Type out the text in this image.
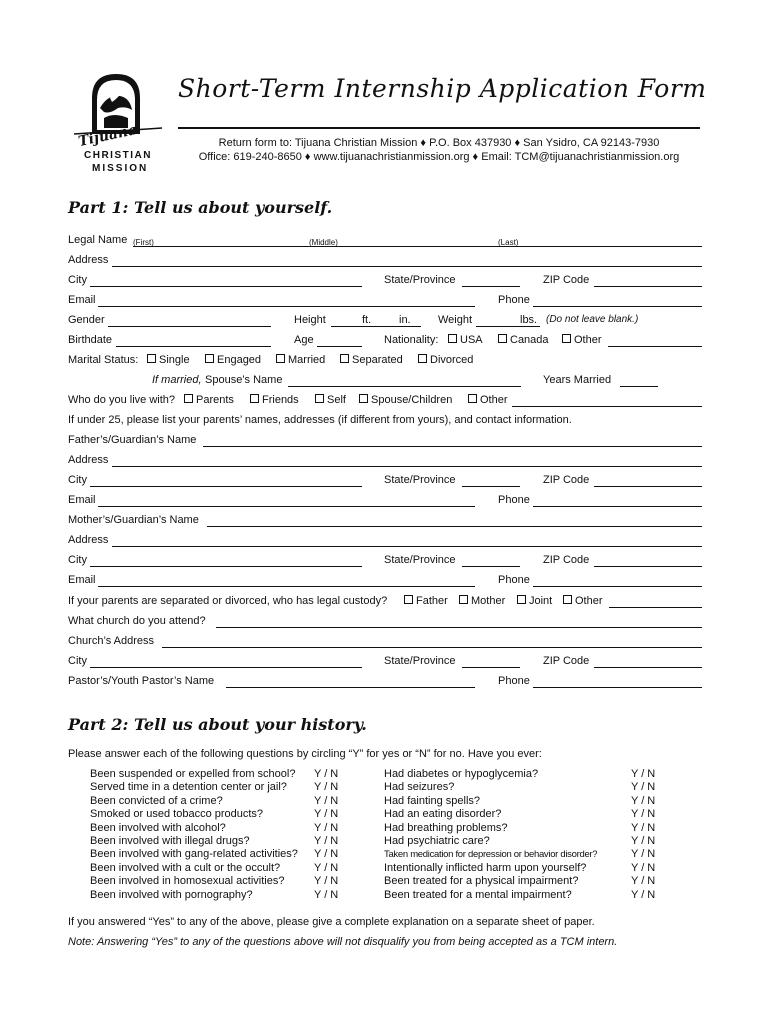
Tijuana
CHRISTIAN
MISSION
Short-Term Internship Application Form
Return form to: Tijuana Christian Mission ♦ P.O. Box 437930 ♦ San Ysidro, CA 92143-7930
Office: 619-240-8650 ♦ www.tijuanachristianmission.org ♦ Email: TCM@tijuanachristianmission.org
Part 1: Tell us about yourself.
Legal Name (First)	(Middle)	(Last)
Address
City	State/Province	ZIP Code
Email	Phone
Gender	Height	ft.	in. Weight	lbs. (Do not leave blank.)
Birthdate	Age	Nationality:	USA	Canada	Other
Marital Status:	Single	Engaged	Married	Separated	Divorced
If married, Spouse’s Name	Years Married
Who do you live with?	Parents	Friends	Self	Spouse/Children	Other
If under 25, please list your parents’ names, addresses (if different from yours), and contact information.
Father’s/Guardian’s Name
Address
City	State/Province	ZIP Code
Email	Phone
Mother’s/Guardian’s Name
Address
City	State/Province	ZIP Code
Email	Phone
If your parents are separated or divorced, who has legal custody?	Father	Mother	Joint	Other
What church do you attend?
Church’s Address
City	State/Province	ZIP Code
Pastor’s/Youth Pastor’s Name	Phone
Part 2: Tell us about your history.
Please answer each of the following questions by circling “Y” for yes or “N” for no. Have you ever:
Been suspended or expelled from school? Y / N
Served time in a detention center or jail? Y / N
Been convicted of a crime?	Y / N
Smoked or used tobacco products?	Y / N
Been involved with alcohol?	Y / N
Been involved with illegal drugs?	Y / N
Been involved with gang-related activities? Y / N
Been involved with a cult or the occult?	Y / N
Been involved in homosexual activities?	Y / N
Been involved with pornography?	Y / N
Had diabetes or hypoglycemia?	Y / N
Had seizures?	Y / N
Had fainting spells?	Y / N
Had an eating disorder?	Y / N
Had breathing problems?	Y / N
Had psychiatric care?	Y / N
Taken medication for depression or behavior disorder?	Y / N
Intentionally inflicted harm upon yourself?	Y / N
Been treated for a physical impairment?	Y / N
Been treated for a mental impairment?	Y / N
If you answered “Yes” to any of the above, please give a complete explanation on a separate sheet of paper.
Note: Answering “Yes” to any of the questions above will not disqualify you from being accepted as a TCM intern.
